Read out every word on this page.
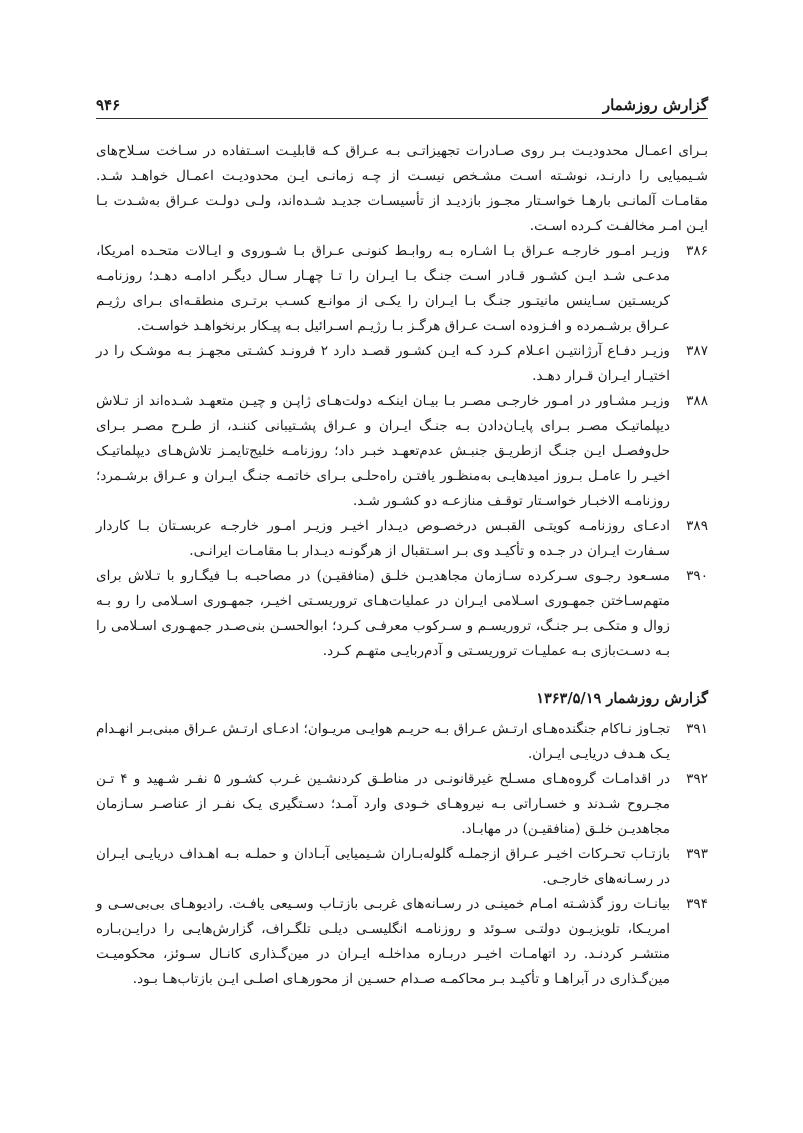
گزارش روزشمار
۹۴۶

بـرای اعمـال محدودیـت بـر روی صـادرات تجهیزاتـی بـه عـراق کـه قابلیـت اسـتفاده در سـاخت سـلاح‌های شـیمیایی را دارنـد، نوشـته اسـت مشـخص نیسـت از چـه زمانـی ایـن محدودیـت اعمـال خواهـد شـد. مقامـات آلمانـی بارهـا خواسـتار مجـوز بازدیـد از تأسیسـات جدیـد شـده‌اند، ولـی دولـت عـراق به‌شـدت بـا ایـن امـر مخالفـت کـرده اسـت.

۳۸۶
وزیـر امـور خارجـه عـراق بـا اشـاره بـه روابـط کنونـی عـراق بـا شـوروی و ایـالات متحـده امریکا، مدعـی شـد ایـن کشـور قـادر اسـت جنـگ بـا ایـران را تـا چهـار سـال دیگـر ادامـه دهـد؛ روزنامـه کریسـتین سـاینس مانیتـور جنـگ بـا ایـران را یکـی از موانـع کسـب برتـری منطقـه‌ای بـرای رژیـم عـراق برشـمرده و افـزوده اسـت عـراق هرگـز بـا رژیـم اسـرائیل بـه پیـکار برنخواهـد خواسـت.
۳۸۷
وزیـر دفـاع آرژانتیـن اعـلام کـرد کـه ایـن کشـور قصـد دارد ۲ فرونـد کشـتی مجهـز بـه موشـک را در اختیـار ایـران قـرار دهـد.
۳۸۸
وزیـر مشـاور در امـور خارجـی مصـر بـا بیـان اینکـه دولت‌هـای ژاپـن و چیـن متعهـد شـده‌اند از تـلاش دیپلماتیـک مصـر بـرای پایـان‌دادن بـه جنـگ ایـران و عـراق پشـتیبانی کننـد، از طـرح مصـر بـرای حل‌وفصـل ایـن جنـگ ازطریـق جنبـش عدم‌تعهـد خبـر داد؛ روزنامـه خلیج‌تایمـز تلاش‌هـای دیپلماتیـک اخیـر را عامـل بـروز امیدهایـی به‌منظـور یافتـن راه‌حلـی بـرای خاتمـه جنـگ ایـران و عـراق برشـمرد؛ روزنامـه الاخبـار خواسـتار توقـف منازعـه دو کشـور شـد.
۳۸۹
ادعـای روزنامـه کویتـی القبـس درخصـوص دیـدار اخیـر وزیـر امـور خارجـه عربسـتان بـا کاردار سـفارت ایـران در جـده و تأکیـد وی بـر اسـتقبال از هرگونـه دیـدار بـا مقامـات ایرانـی.
۳۹۰
مسـعود رجـوی سـرکرده سـازمان مجاهدیـن خلـق (منافقیـن) در مصاحبـه بـا فیگـارو با تـلاش برای متهم‌سـاختن جمهـوری اسـلامی ایـران در عملیات‌هـای تروریسـتی اخیـر، جمهـوری اسـلامی را رو بـه زوال و متکـی بـر جنـگ، تروریسـم و سـرکوب معرفـی کـرد؛ ابوالحسـن بنی‌صـدر جمهـوری اسـلامی را بـه دسـت‌بازی بـه عملیـات تروریسـتی و آدم‌ربایـی متهـم کـرد.
گزارش روزشمار ۱۳۶۳/۵/۱۹
۳۹۱
تجـاوز نـاکام جنگنده‌هـای ارتـش عـراق بـه حریـم هوایـی مریـوان؛ ادعـای ارتـش عـراق مبنی‌بـر انهـدام یـک هـدف دریایـی ایـران.
۳۹۲
در اقدامـات گروه‌هـای مسـلح غیرقانونـی در مناطـق کردنشـین غـرب کشـور ۵ نفـر شـهید و ۴ تـن مجـروح شـدند و خسـاراتی بـه نیروهـای خـودی وارد آمـد؛ دسـتگیری یـک نفـر از عناصـر سـازمان مجاهدیـن خلـق (منافقیـن) در مهابـاد.
۳۹۳
بازتـاب تحـرکات اخیـر عـراق ازجملـه گلوله‌بـاران شـیمیایی آبـادان و حملـه بـه اهـداف دریایـی ایـران در رسـانه‌های خارجـی.
۳۹۴
بیانـات روز گذشـته امـام خمینـی در رسـانه‌های غربـی بازتـاب وسـیعی یافـت. رادیوهـای بی‌بی‌سـی و امریـکا، تلویزیـون دولتـی سـوئد و روزنامـه انگلیسـی دیلـی تلگـراف، گزارش‌هایـی را درایـن‌بـاره منتشـر کردنـد. رد اتهامـات اخیـر دربـاره مداخلـه ایـران در مین‌گـذاری کانـال سـوئز، محکومیـت مین‌گـذاری در آبراهـا و تأکیـد بـر محاکمـه صـدام حسـین از محورهـای اصلـی ایـن بازتاب‌هـا بـود.
